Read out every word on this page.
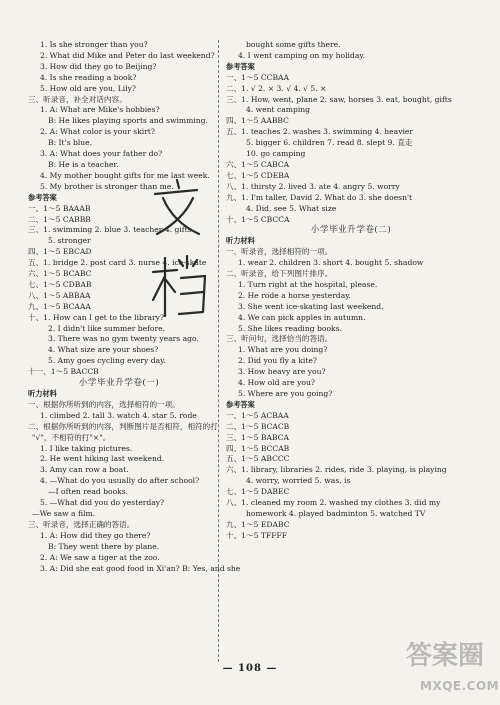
1. Is she stronger than you?
2. What did Mike and Peter do last weekend?
3. How did they go to Beijing?
4. Is she reading a book?
5. How old are you, Lily?
三、听录音，补全对话内容。
1. A: What are Mike's hobbies?
B: He likes playing sports and swimming.
2. A: What color is your skirt?
B: It's blue.
3. A: What does your father do?
B: He is a teacher.
4. My mother bought gifts for me last week.
5. My brother is stronger than me.
参考答案
一、1～5 BAAAB
二、1～5 CABBB
三、1. swimming 2. blue 3. teacher 4. gifts
5. stronger
四、1～5 EBCAD
五、1. bridge 2. post card 3. nurse 4. ice-skate
六、1～5 BCABC
七、1～5 CDBAB
八、1～5 ABBAA
九、1～5 BCAAA
十、1. How can I get to the library?
2. I didn't like summer before.
3. There was no gym twenty years ago.
4. What size are your shoes?
5. Amy goes cycling every day.
十一、1～5 BACCB
小学毕业升学卷(一)
听力材料
一、根据你所听到的内容，选择相符的一项。
1. climbed 2. tall 3. watch 4. star 5. rode
二、根据你所听到的内容，判断图片是否相符，相符的打
"√"，不相符的打"×"。
1. I like taking pictures.
2. He went hiking last weekend.
3. Amy can row a boat.
4. —What do you usually do after school?
—I often read books.
5. —What did you do yesterday?
—We saw a film.
三、听录音，选择正确的答语。
1. A: How did they go there?
B: They went there by plane.
2. A: We saw a tiger at the zoo.
3. A: Did she eat good food in Xi'an? B: Yes, and she
bought some gifts there.
4. I went camping on my holiday.
参考答案
一、1～5 CCBAA
二、1. √ 2. × 3. √ 4. √ 5. ×
三、1. How, went, plane 2. saw, horses 3. eat, bought, gifts
4. went camping
四、1～5 AABBC
五、1. teaches 2. washes 3. swimming 4. heavier
5. bigger 6. children 7. read 8. slept 9. 直走
10. go camping
六、1～5 CABCA
七、1～5 CDEBA
八、1. thirsty 2. lived 3. ate 4. angry 5. worry
九、1. I'm taller, David 2. What do 3. she doesn't
4. Did, see 5. What size
十、1～5 CBCCA
小学毕业升学卷(二)
听力材料
一、听录音，选择相符的一项。
1. wear 2. children 3. short 4. bought 5. shadow
二、听录音，给下列图片排序。
1. Turn right at the hospital, please.
2. He rode a horse yesterday.
3. She went ice-skating last weekend.
4. We can pick apples in autumn.
5. She likes reading books.
三、听问句，选择恰当的答语。
1. What are you doing?
2. Did you fly a kite?
3. How heavy are you?
4. How old are you?
5. Where are you going?
参考答案
一、1～5 ACBAA
二、1～5 BCACB
三、1～5 BABCA
四、1～5 BCCAB
五、1～5 ABCCC
六、1. library, libraries 2. rides, ride 3. playing, is playing
4. worry, worried 5. was, is
七、1～5 DABEC
八、1. cleaned my room 2. washed my clothes 3. did my
homework 4. played badminton 5. watched TV
九、1～5 EDABC
十、1～5 TFFFF
— 108 —	答案圈
MXQE.COM
